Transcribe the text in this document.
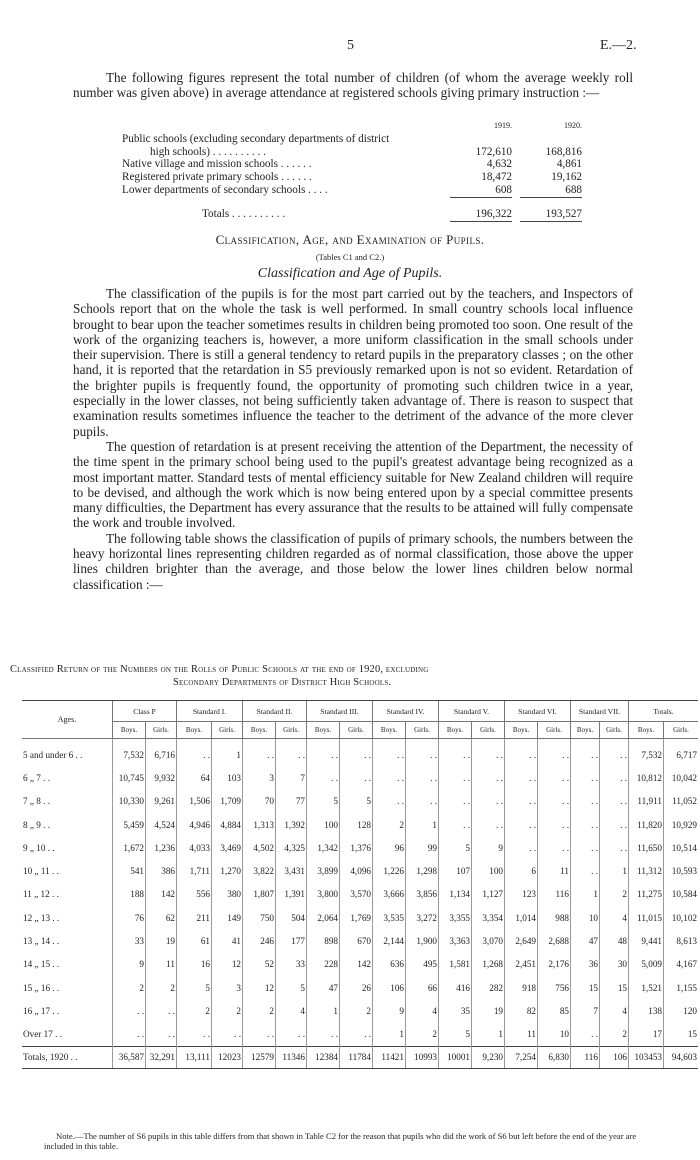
5	E.—2.

The following figures represent the total number of children (of whom the average weekly roll number was given above) in average attendance at registered schools giving primary instruction :—

1919.	1920.
Public schools (excluding secondary departments of district
high schools) . . . . . . . . . .	172,610	168,816
Native village and mission schools . . . . . .	4,632	4,861
Registered private primary schools . . . . . .	18,472	19,162
Lower departments of secondary schools . . . .	608	688
Totals . . . . . . . . . .	196,322	193,527
Classification, Age, and Examination of Pupils.
(Tables C1 and C2.)
Classification and Age of Pupils.

The classification of the pupils is for the most part carried out by the teachers, and Inspectors of Schools report that on the whole the task is well performed. In small country schools local influence brought to bear upon the teacher sometimes results in children being promoted too soon. One result of the work of the organizing teachers is, however, a more uniform classification in the small schools under their supervision. There is still a general tendency to retard pupils in the preparatory classes ; on the other hand, it is reported that the retardation in S5 previously remarked upon is not so evident. Retardation of the brighter pupils is frequently found, the opportunity of promoting such children twice in a year, especially in the lower classes, not being sufficiently taken advantage of. There is reason to suspect that examination results sometimes influence the teacher to the detriment of the advance of the more clever pupils.

The question of retardation is at present receiving the attention of the Department, the necessity of the time spent in the primary school being used to the pupil's greatest advantage being recognized as a most important matter. Standard tests of mental efficiency suitable for New Zealand children will require to be devised, and although the work which is now being entered upon by a special committee presents many difficulties, the Department has every assurance that the results to be attained will fully compensate the work and trouble involved.

The following table shows the classification of pupils of primary schools, the numbers between the heavy horizontal lines representing children regarded as of normal classification, those above the upper lines children brighter than the average, and those below the lower lines children below normal classification :—

Classified Return of the Numbers on the Rolls of Public Schools at the end of 1920, excluding
Secondary Departments of District High Schools.
Ages.	Class P		Standard I.		Standard II.		Standard III.		Standard IV.		Standard V.		Standard VI.		Standard VII.		Totals.	
	Boys.	Girls.	Boys.	Girls.	Boys.	Girls.	Boys.	Girls.	Boys.	Girls.	Boys.	Girls.	Boys.	Girls.	Boys.	Girls.	Boys.	Girls.
5 and under 6 . .	7,532	6,716	. .	1	. .	. .	. .	. .	. .	. .	. .	. .	. .	. .	. .	. .	7,532	6,717
6 „ 7 . .	10,745	9,932	64	103	3	7	. .	. .	. .	. .	. .	. .	. .	. .	. .	. .	10,812	10,042
7 „ 8 . .	10,330	9,261	1,506	1,709	70	77	5	5	. .	. .	. .	. .	. .	. .	. .	. .	11,911	11,052
8 „ 9 . .	5,459	4,524	4,946	4,884	1,313	1,392	100	128	2	1	. .	. .	. .	. .	. .	. .	11,820	10,929
9 „ 10 . .	1,672	1,236	4,033	3,469	4,502	4,325	1,342	1,376	96	99	5	9	. .	. .	. .	. .	11,650	10,514
10 „ 11 . .	541	386	1,711	1,270	3,822	3,431	3,899	4,096	1,226	1,298	107	100	6	11	. .	1	11,312	10,593
11 „ 12 . .	188	142	556	380	1,807	1,391	3,800	3,570	3,666	3,856	1,134	1,127	123	116	1	2	11,275	10,584
12 „ 13 . .	76	62	211	149	750	504	2,064	1,769	3,535	3,272	3,355	3,354	1,014	988	10	4	11,015	10,102
13 „ 14 . .	33	19	61	41	246	177	898	670	2,144	1,900	3,363	3,070	2,649	2,688	47	48	9,441	8,613
14 „ 15 . .	9	11	16	12	52	33	228	142	636	495	1,581	1,268	2,451	2,176	36	30	5,009	4,167
15 „ 16 . .	2	2	5	3	12	5	47	26	106	66	416	282	918	756	15	15	1,521	1,155
16 „ 17 . .	. .	. .	2	2	2	4	1	2	9	4	35	19	82	85	7	4	138	120
Over 17 . .	. .	. .	. .	. .	. .	. .	. .	. .	1	2	5	1	11	10	. .	2	17	15
Totals, 1920 . .	36,587	32,291	13,111	12023	12579	11346	12384	11784	11421	10993	10001	9,230	7,254	6,830	116	106	103453	94,603

Note.—The number of S6 pupils in this table differs from that shown in Table C2 for the reason that pupils who did the work of S6 but left before the end of the year are included in this table.
